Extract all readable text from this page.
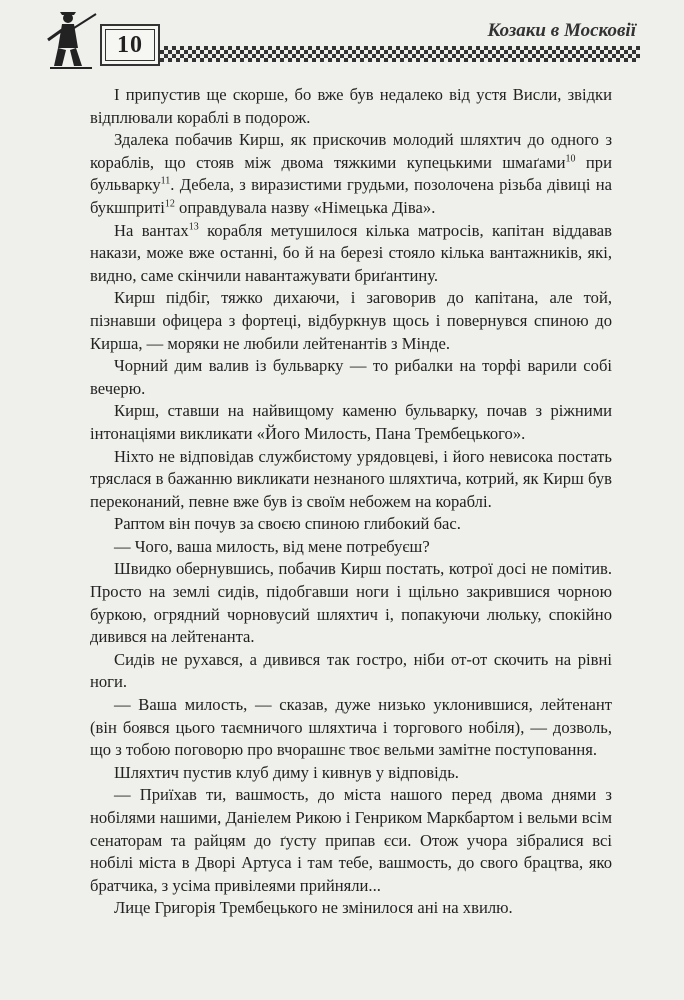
10
Козаки в Московії

І припустив ще скорше, бо вже був недалеко від устя Висли, звідки відплювали кораблі в подорож.

Здалека побачив Кирш, як прискочив молодий шляхтич до одного з кораблів, що стояв між двома тяжкими купецькими шмаґами$^{10}$ при бульварку$^{11}$. Дебела, з виразистими грудьми, позолочена різьба дівиці на букшприті$^{12}$ оправдувала назву «Німецька Діва».

На вантах$^{13}$ корабля метушилося кілька матросів, капітан віддавав накази, може вже останні, бо й на березі стояло кілька вантажників, які, видно, саме скінчили навантажувати бриґантину.

Кирш підбіг, тяжко дихаючи, і заговорив до капітана, але той, пізнавши офицера з фортеці, відбуркнув щось і повернувся спиною до Кирша, — моряки не любили лейтенантів з Мінде.

Чорний дим валив із бульварку — то рибалки на торфі варили собі вечерю.

Кирш, ставши на найвищому каменю бульварку, почав з ріжними інтонаціями викликати «Його Милость, Пана Трембецького».

Ніхто не відповідав службистому урядовцеві, і його невисока постать тряслася в бажанню викликати незнаного шляхтича, котрий, як Кирш був переконаний, певне вже був із своїм небожем на кораблі.

Раптом він почув за своєю спиною глибокий бас.

— Чого, ваша милость, від мене потребуєш?

Швидко обернувшись, побачив Кирш постать, котрої досі не помітив. Просто на землі сидів, підобгавши ноги і щільно закрившися чорною буркою, огрядний чорновусий шляхтич і, попакуючи люльку, спокійно дивився на лейтенанта.

Сидів не рухався, а дивився так гостро, ніби от-от скочить на рівні ноги.

— Ваша милость, — сказав, дуже низько уклонившися, лейтенант (він боявся цього таємничого шляхтича і торгового нобіля), — дозволь, що з тобою поговорю про вчорашнє твоє вельми замітне поступовання.

Шляхтич пустив клуб диму і кивнув у відповідь.

— Приїхав ти, вашмость, до міста нашого перед двома днями з нобілями нашими, Даніелем Рикою і Генриком Маркбартом і вельми всім сенаторам та райцям до ґусту припав єси. Отож учора зібралися всі нобілі міста в Дворі Артуса і там тебе, вашмость, до свого брацтва, яко братчика, з усіма привілеями прийняли...

Лице Григорія Трембецького не змінилося ані на хвилю.
